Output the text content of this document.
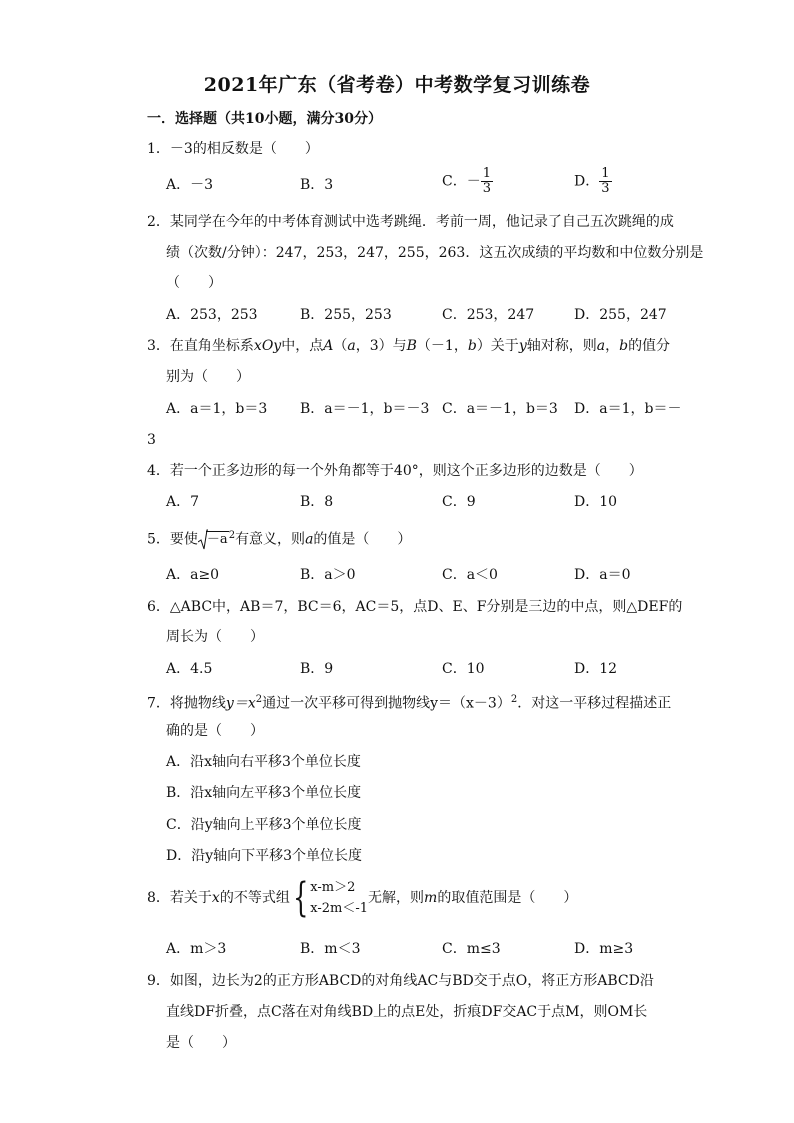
2021年广东（省考卷）中考数学复习训练卷
一．选择题（共10小题，满分30分）
1．－3的相反数是（　　）
A．－3	B．3	C．－ $\frac{1}{3}$	D． $\frac{1}{3}$
2．某同学在今年的中考体育测试中选考跳绳．考前一周，他记录了自己五次跳绳的成
绩（次数/分钟）：247，253，247，255，263．这五次成绩的平均数和中位数分别是
（　　）
A．253，253	B．255，253	C．253，247	D．255，247
3．在直角坐标系xOy中，点A（a，3）与B（－1，b）关于y轴对称，则a，b的值分
别为（　　）
A．a＝1，b＝3 B．a＝－1，b＝－3 C．a＝－1，b＝3 D．a＝1，b＝－
3
4．若一个正多边形的每一个外角都等于40°，则这个正多边形的边数是（　　）
A．7	B．8	C．9	D．10
5．要使 $-a^2$有意义，则a的值是（　　）
A．a≥0	B．a＞0	C．a＜0	D．a＝0
6．△ABC中，AB＝7，BC＝6，AC＝5，点D、E、F分别是三边的中点，则△DEF的
周长为（　　）
A．4.5	B．9	C．10	D．12
7．将抛物线$y=x^2$通过一次平移可得到抛物线$y=(x-3)^2$．对这一平移过程描述正
确的是（　　）
A．沿x轴向右平移3个单位长度
B．沿x轴向左平移3个单位长度
C．沿y轴向上平移3个单位长度
D．沿y轴向下平移3个单位长度
8．若关于x的不等式组{ x-m＞2
x-2m＜-1
无解，则m的取值范围是（　　）
A．m＞3	B．m＜3	C．m≤3	D．m≥3
9．如图，边长为2的正方形ABCD的对角线AC与BD交于点O，将正方形ABCD沿
直线DF折叠，点C落在对角线BD上的点E处，折痕DF交AC于点M，则OM长
是（　　）
